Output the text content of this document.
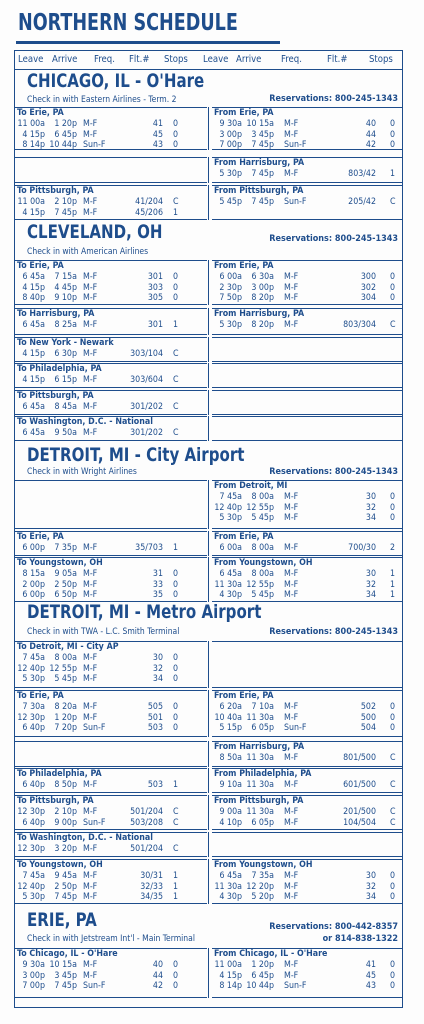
NORTHERN SCHEDULE
Leave Arrive Freq. Flt.# Stops Leave Arrive Freq.	Flt.# Stops
CHICAGO, IL - O'Hare
Check in with Eastern Airlines - Term. 2	Reservations: 800-245-1343
To Erie, PA
11 00a	1 20p M-F	41 0
4 15p	6 45p M-F	45 0
8 14p 10 44p Sun-F	43 0
From Erie, PA
9 30a 10 15a M-F	40 0
3 00p	3 45p M-F	44 0
7 00p	7 45p Sun-F	42 0
From Harrisburg, PA
5 30p	7 45p M-F	803/42 1
To Pittsburgh, PA
11 00a	2 10p M-F	41/204 C
4 15p	7 45p M-F	45/206 1
From Pittsburgh, PA
5 45p	7 45p Sun-F	205/42 C
CLEVELAND, OH
Check in with American Airlines
Reservations: 800-245-1343
To Erie, PA
6 45a	7 15a M-F	301 0
4 15p	4 45p M-F	303 0
8 40p	9 10p M-F	305 0
From Erie, PA
6 00a	6 30a M-F	300 0
2 30p	3 00p M-F	302 0
7 50p	8 20p M-F	304 0
To Harrisburg, PA
6 45a	8 25a M-F	301 1
From Harrisburg, PA
5 30p	8 20p M-F	803/304 C
To New York - Newark
4 15p	6 30p M-F	303/104 C
To Philadelphia, PA
4 15p	6 15p M-F	303/604 C
To Pittsburgh, PA
6 45a	8 45a M-F	301/202 C
To Washington, D.C. - National
6 45a	9 50a M-F	301/202 C
DETROIT, MI - City Airport
Check in with Wright Airlines	Reservations: 800-245-1343
From Detroit, MI
7 45a	8 00a M-F	30 0
12 40p 12 55p M-F	32 0
5 30p	5 45p M-F	34 0
To Erie, PA
6 00p	7 35p M-F	35/703 1
From Erie, PA
6 00a	8 00a M-F	700/30 2
To Youngstown, OH
8 15a	9 05a M-F	31 0
2 00p	2 50p M-F	33 0
6 00p	6 50p M-F	35 0
From Youngstown, OH
6 45a	8 00a M-F	30 1
11 30a 12 55p M-F	32 1
4 30p	5 45p M-F	34 1
DETROIT, MI - Metro Airport
Check in with TWA - L.C. Smith Terminal	Reservations: 800-245-1343
To Detroit, MI - City AP
7 45a	8 00a M-F	30 0
12 40p 12 55p M-F	32 0
5 30p	5 45p M-F	34 0
To Erie, PA
7 30a	8 20a M-F	505 0
12 30p	1 20p M-F	501 0
6 40p	7 20p Sun-F	503 0
From Erie, PA
6 20a	7 10a M-F	502 0
10 40a 11 30a M-F	500 0
5 15p	6 05p Sun-F	504 0
From Harrisburg, PA
8 50a 11 30a M-F	801/500 C
To Philadelphia, PA
6 40p	8 50p M-F	503 1
From Philadelphia, PA
9 10a 11 30a M-F	601/500 C
To Pittsburgh, PA
12 30p	2 10p M-F	501/204 C
6 40p	9 00p Sun-F	503/208 C
From Pittsburgh, PA
9 00a 11 30a M-F	201/500 C
4 10p	6 05p M-F	104/504 C
To Washington, D.C. - National
12 30p	3 20p M-F	501/204 C
To Youngstown, OH
7 45a	9 45a M-F	30/31 1
12 40p	2 50p M-F	32/33 1
5 30p	7 45p M-F	34/35 1
From Youngstown, OH
6 45a	7 35a M-F	30 0
11 30a 12 20p M-F	32 0
4 30p	5 20p M-F	34 0
ERIE, PA
Check in with Jetstream Int'l - Main Terminal
Reservations: 800-442-8357
or 814-838-1322
To Chicago, IL - O'Hare
9 30a 10 15a M-F	40 0
3 00p	3 45p M-F	44 0
7 00p	7 45p Sun-F	42 0
From Chicago, IL - O'Hare
11 00a	1 20p M-F	41 0
4 15p	6 45p M-F	45 0
8 14p 10 44p Sun-F	43 0
